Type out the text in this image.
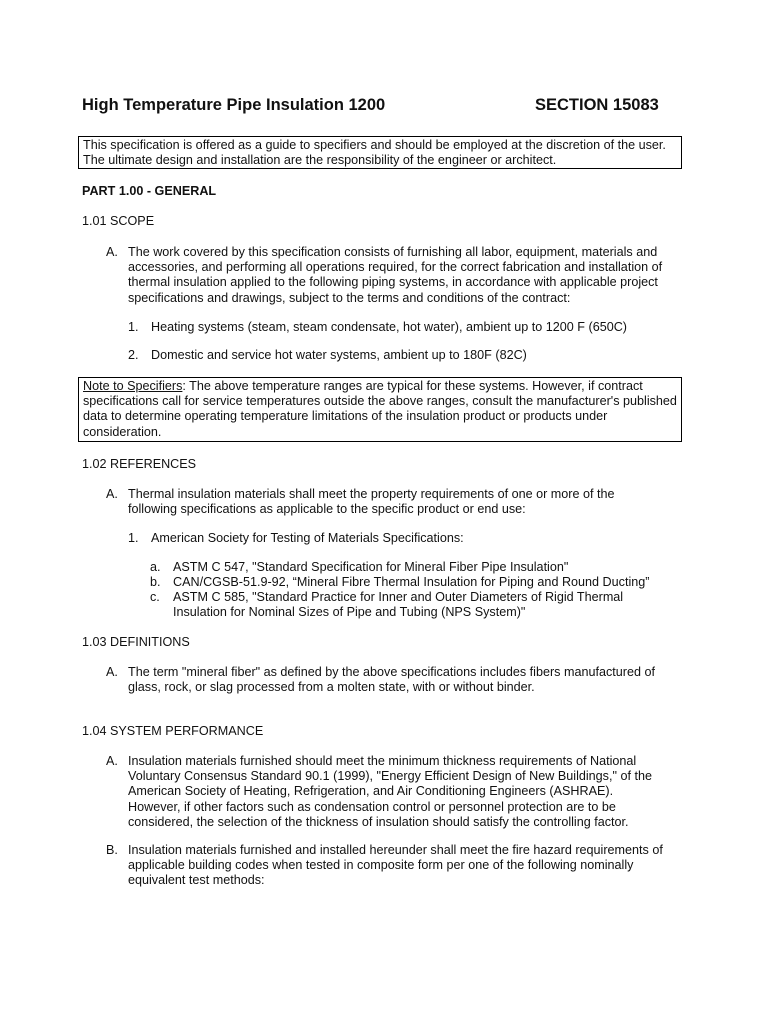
High Temperature Pipe Insulation 1200	SECTION 15083

This specification is offered as a guide to specifiers and should be employed at the discretion of the user.

The ultimate design and installation are the responsibility of the engineer or architect.

PART 1.00 - GENERAL

1.01 SCOPE

A. The work covered by this specification consists of furnishing all labor, equipment, materials and accessories, and performing all operations required, for the correct fabrication and installation of thermal insulation applied to the following piping systems, in accordance with applicable project specifications and drawings, subject to the terms and conditions of the contract:
1. Heating systems (steam, steam condensate, hot water), ambient up to 1200 F (650C)
2. Domestic and service hot water systems, ambient up to 180F (82C)

Note to Specifiers: The above temperature ranges are typical for these systems. However, if contract specifications call for service temperatures outside the above ranges, consult the manufacturer's published data to determine operating temperature limitations of the insulation product or products under consideration.

1.02 REFERENCES

A. Thermal insulation materials shall meet the property requirements of one or more of the following specifications as applicable to the specific product or end use:
1. American Society for Testing of Materials Specifications:
a. ASTM C 547, "Standard Specification for Mineral Fiber Pipe Insulation"
b. CAN/CGSB-51.9-92, “Mineral Fibre Thermal Insulation for Piping and Round Ducting”
c. ASTM C 585, "Standard Practice for Inner and Outer Diameters of Rigid Thermal Insulation for Nominal Sizes of Pipe and Tubing (NPS System)"

1.03 DEFINITIONS

A. The term "mineral fiber" as defined by the above specifications includes fibers manufactured of glass, rock, or slag processed from a molten state, with or without binder.

1.04 SYSTEM PERFORMANCE

A. Insulation materials furnished should meet the minimum thickness requirements of National Voluntary Consensus Standard 90.1 (1999), "Energy Efficient Design of New Buildings," of the American Society of Heating, Refrigeration, and Air Conditioning Engineers (ASHRAE). However, if other factors such as condensation control or personnel protection are to be considered, the selection of the thickness of insulation should satisfy the controlling factor.
B. Insulation materials furnished and installed hereunder shall meet the fire hazard requirements of applicable building codes when tested in composite form per one of the following nominally equivalent test methods:
